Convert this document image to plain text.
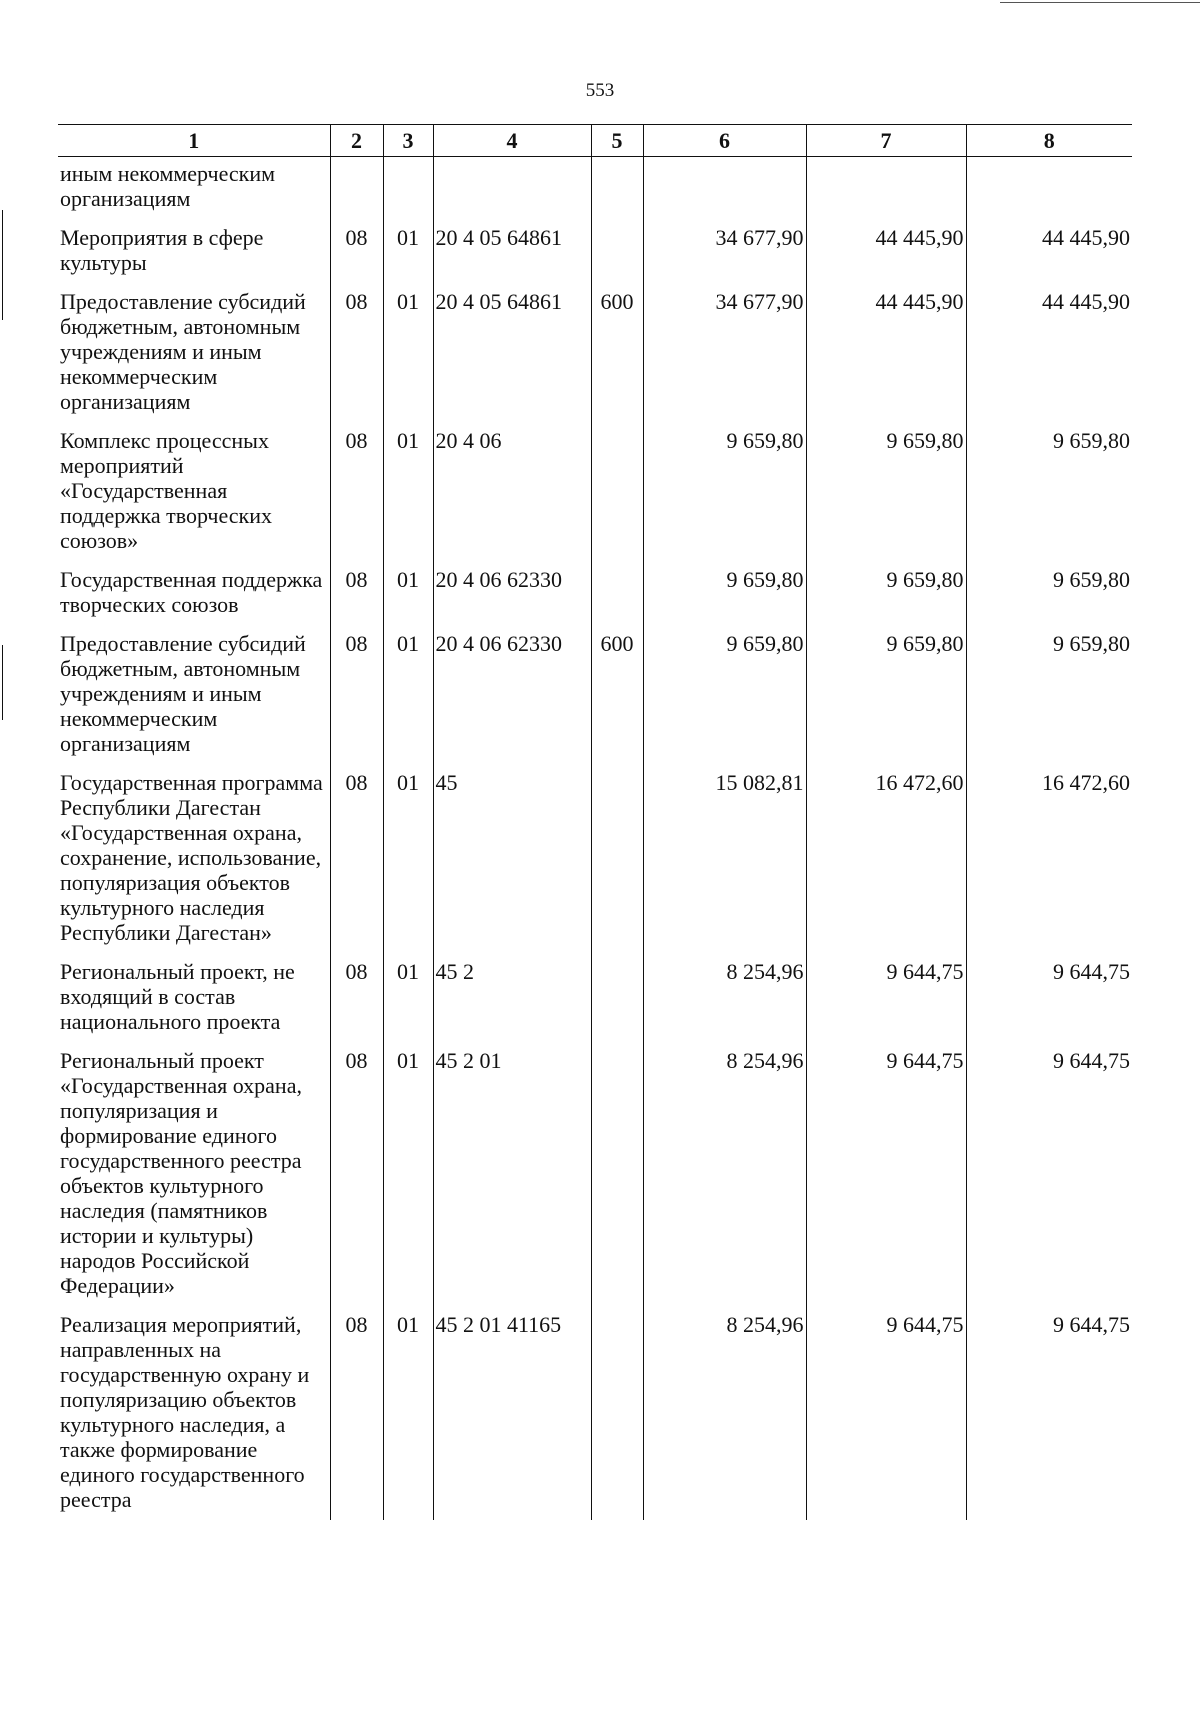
553
1	2	3	4	5	6	7	8
иным некоммерческим организациям							
Мероприятия в сфере культуры	08	01	20 4 05 64861		34 677,90	44 445,90	44 445,90
Предоставление субсидий бюджетным, автономным учреждениям и иным некоммерческим организациям	08	01	20 4 05 64861	600	34 677,90	44 445,90	44 445,90
Комплекс процессных мероприятий «Государственная поддержка творческих союзов»	08	01	20 4 06		9 659,80	9 659,80	9 659,80
Государственная поддержка творческих союзов	08	01	20 4 06 62330		9 659,80	9 659,80	9 659,80
Предоставление субсидий бюджетным, автономным учреждениям и иным некоммерческим организациям	08	01	20 4 06 62330	600	9 659,80	9 659,80	9 659,80
Государственная программа Республики Дагестан «Государственная охрана, сохранение, использование, популяризация объектов культурного наследия Республики Дагестан»	08	01	45		15 082,81	16 472,60	16 472,60
Региональный проект, не входящий в состав национального проекта	08	01	45 2		8 254,96	9 644,75	9 644,75
Региональный проект «Государственная охрана, популяризация и формирование единого государственного реестра объектов культурного наследия (памятников истории и культуры) народов Российской Федерации»	08	01	45 2 01		8 254,96	9 644,75	9 644,75
Реализация мероприятий, направленных на государственную охрану и популяризацию объектов культурного наследия, а также формирование единого государственного реестра	08	01	45 2 01 41165		8 254,96	9 644,75	9 644,75
